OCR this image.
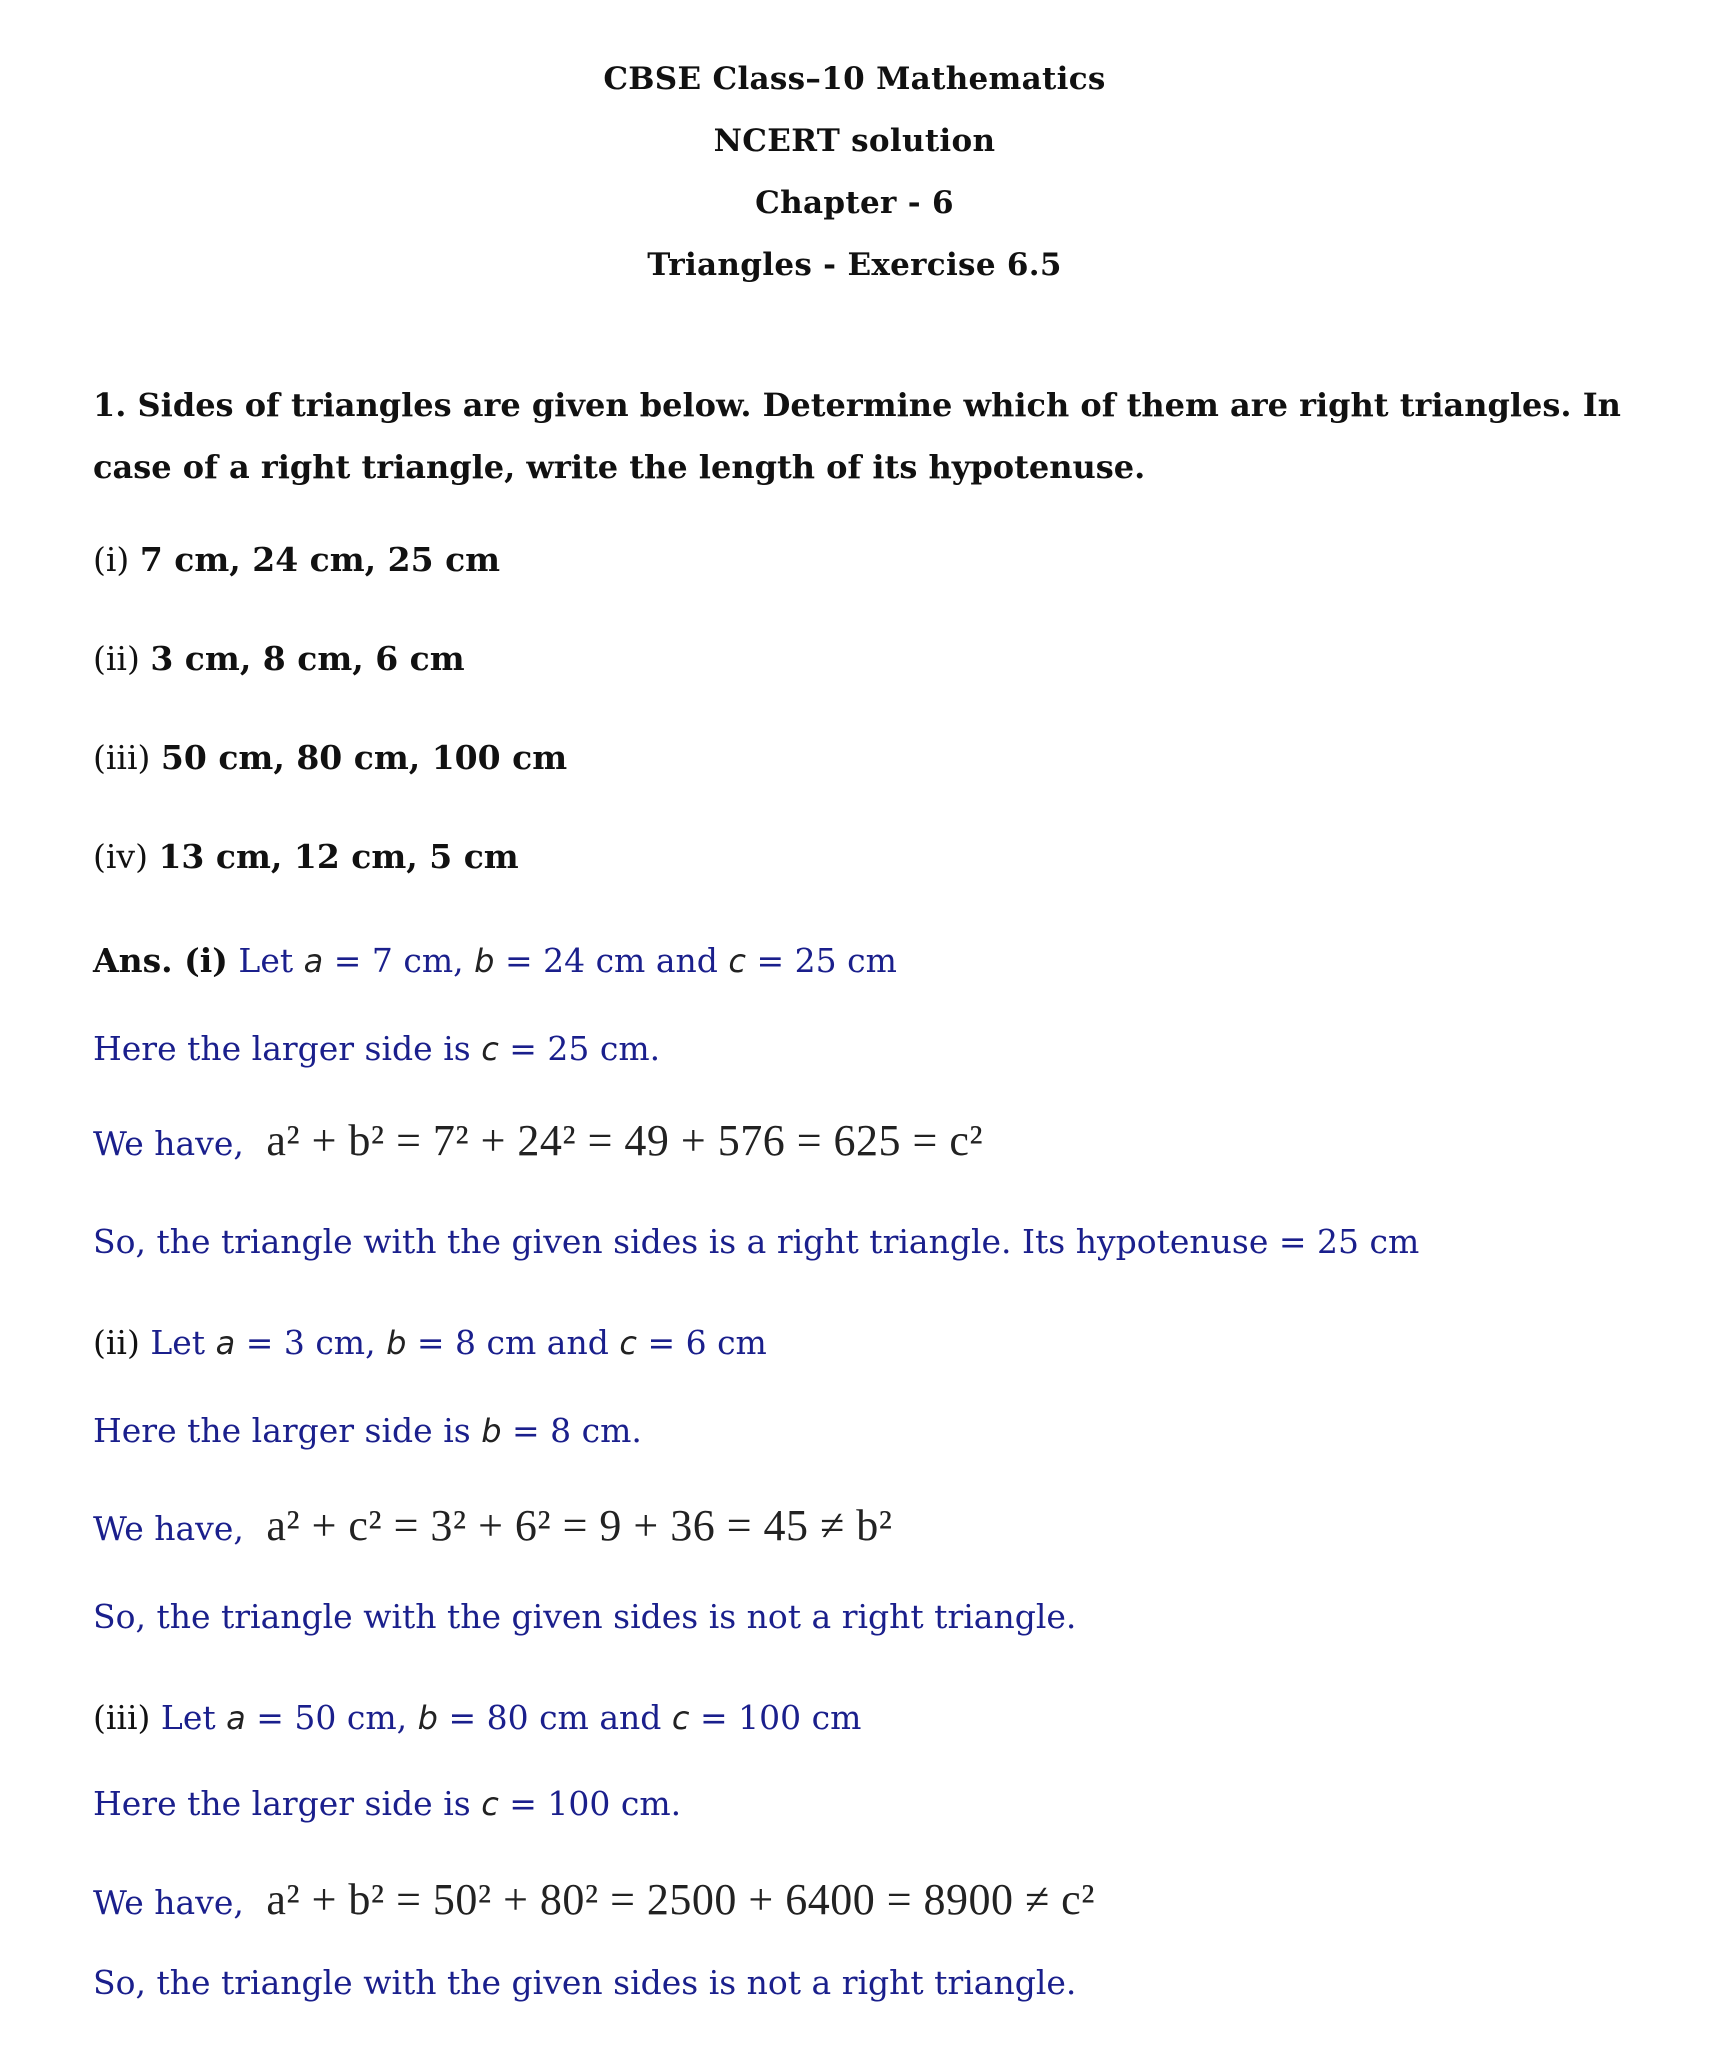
CBSE Class–10 Mathematics
NCERT solution
Chapter - 6
Triangles - Exercise 6.5
1. Sides of triangles are given below. Determine which of them are right triangles. In case of a right triangle, write the length of its hypotenuse.
(i) 7 cm, 24 cm, 25 cm
(ii) 3 cm, 8 cm, 6 cm
(iii) 50 cm, 80 cm, 100 cm
(iv) 13 cm, 12 cm, 5 cm
Ans. (i) Let a = 7 cm, b = 24 cm and c = 25 cm
Here the larger side is c = 25 cm.
We have, a² + b² = 7² + 24² = 49 + 576 = 625 = c²
So, the triangle with the given sides is a right triangle. Its hypotenuse = 25 cm
(ii) Let a = 3 cm, b = 8 cm and c = 6 cm
Here the larger side is b = 8 cm.
We have, a² + c² = 3² + 6² = 9 + 36 = 45 ≠ b²
So, the triangle with the given sides is not a right triangle.
(iii) Let a = 50 cm, b = 80 cm and c = 100 cm
Here the larger side is c = 100 cm.
We have, a² + b² = 50² + 80² = 2500 + 6400 = 8900 ≠ c²
So, the triangle with the given sides is not a right triangle.
